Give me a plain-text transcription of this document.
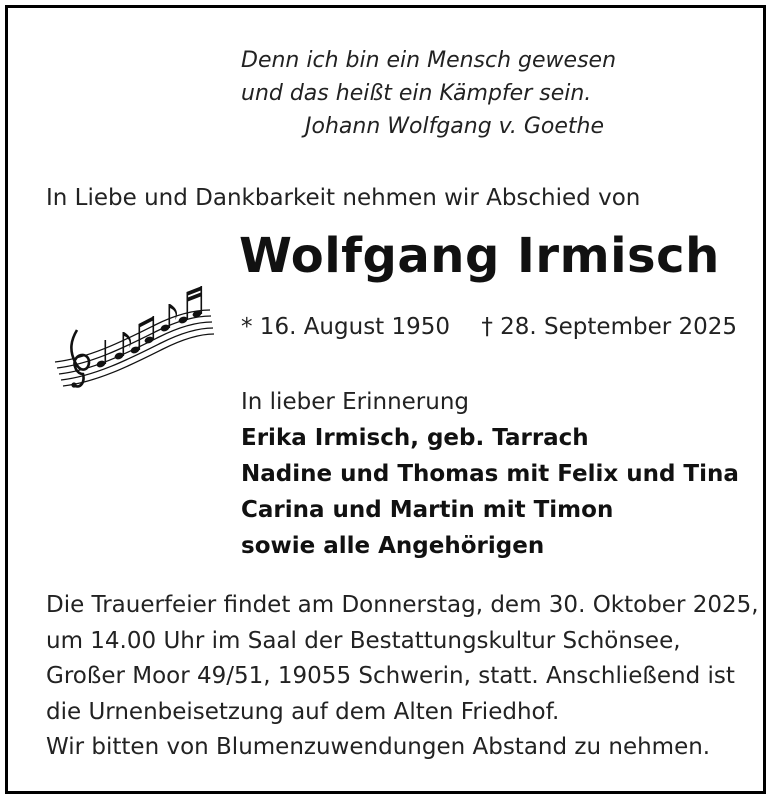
Denn ich bin ein Mensch gewesen
und das heißt ein Kämpfer sein.
Johann Wolfgang v. Goethe
In Liebe und Dankbarkeit nehmen wir Abschied von
Wolfgang Irmisch
* 16. August 1950 † 28. September 2025
In lieber Erinnerung
Erika Irmisch, geb. Tarrach
Nadine und Thomas mit Felix und Tina
Carina und Martin mit Timon
sowie alle Angehörigen
Die Trauerfeier findet am Donnerstag, dem 30. Oktober 2025,
um 14.00 Uhr im Saal der Bestattungskultur Schönsee,
Großer Moor 49/51, 19055 Schwerin, statt. Anschließend ist
die Urnenbeisetzung auf dem Alten Friedhof.
Wir bitten von Blumenzuwendungen Abstand zu nehmen.
